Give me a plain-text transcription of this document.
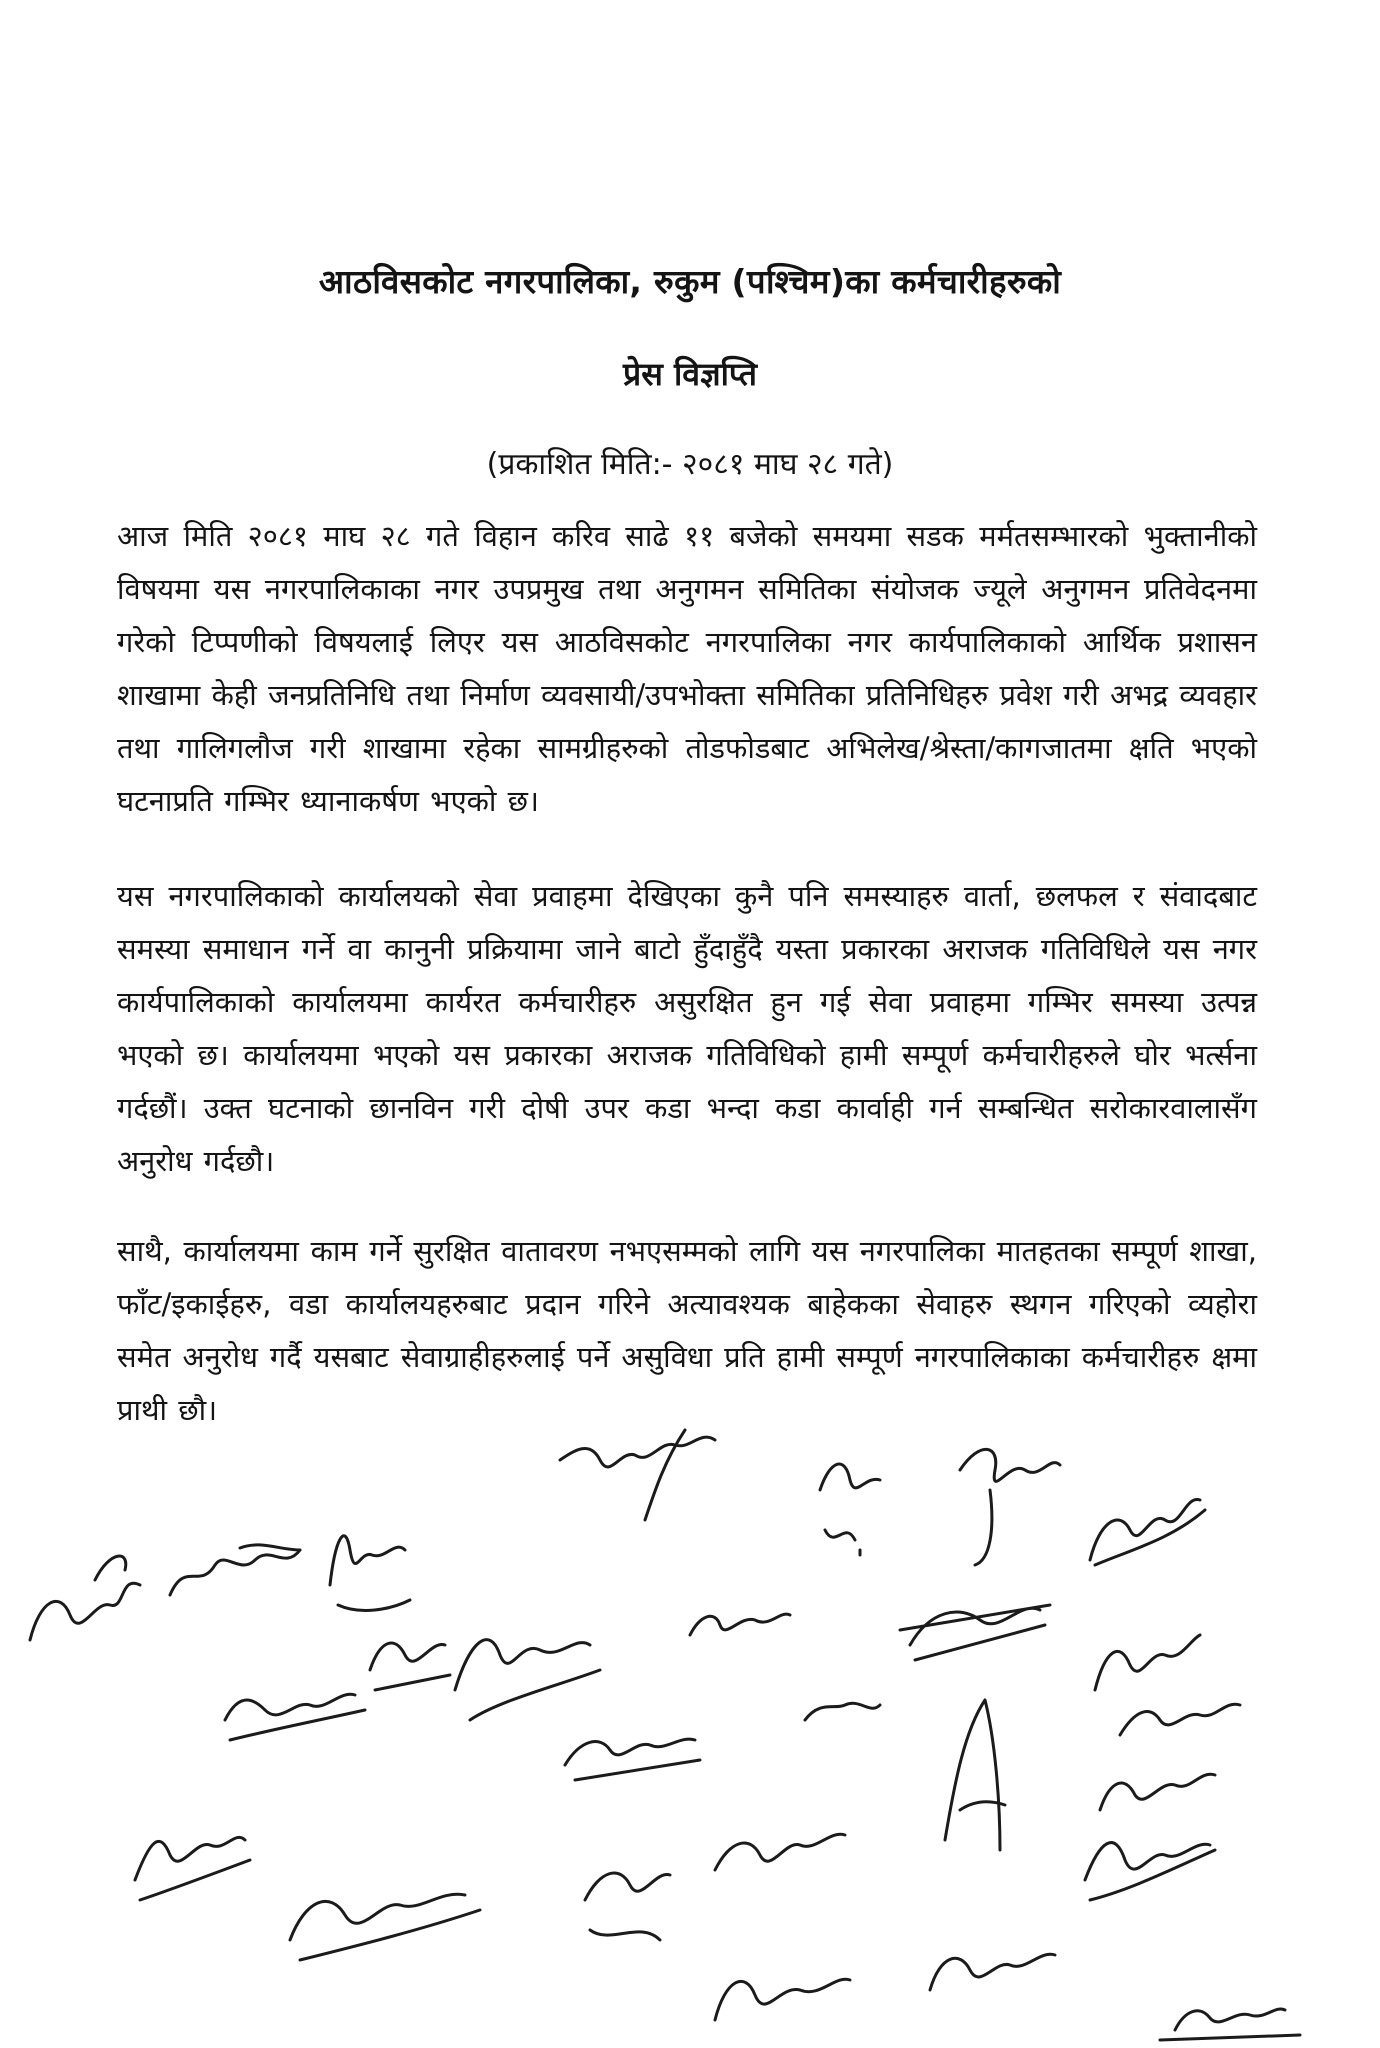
आठविसकोट नगरपालिका, रुकुम (पश्चिम)का कर्मचारीहरुको
प्रेस विज्ञप्ति
(प्रकाशित मिति:- २०८१ माघ २८ गते)
आज मिति २०८१ माघ २८ गते विहान करिव साढे ११ बजेको समयमा सडक मर्मतसम्भारको भुक्तानीको विषयमा यस नगरपालिकाका नगर उपप्रमुख तथा अनुगमन समितिका संयोजक ज्यूले अनुगमन प्रतिवेदनमा गरेको टिप्पणीको विषयलाई लिएर यस आठविसकोट नगरपालिका नगर कार्यपालिकाको आर्थिक प्रशासन शाखामा केही जनप्रतिनिधि तथा निर्माण व्यवसायी/उपभोक्ता समितिका प्रतिनिधिहरु प्रवेश गरी अभद्र व्यवहार तथा गालिगलौज गरी शाखामा रहेका सामग्रीहरुको तोडफोडबाट अभिलेख/श्रेस्ता/कागजातमा क्षति भएको घटनाप्रति गम्भिर ध्यानाकर्षण भएको छ।
यस नगरपालिकाको कार्यालयको सेवा प्रवाहमा देखिएका कुनै पनि समस्याहरु वार्ता, छलफल र संवादबाट समस्या समाधान गर्ने वा कानुनी प्रक्रियामा जाने बाटो हुँदाहुँदै यस्ता प्रकारका अराजक गतिविधिले यस नगर कार्यपालिकाको कार्यालयमा कार्यरत कर्मचारीहरु असुरक्षित हुन गई सेवा प्रवाहमा गम्भिर समस्या उत्पन्न भएको छ। कार्यालयमा भएको यस प्रकारका अराजक गतिविधिको हामी सम्पूर्ण कर्मचारीहरुले घोर भर्त्सना गर्दछौं। उक्त घटनाको छानविन गरी दोषी उपर कडा भन्दा कडा कार्वाही गर्न सम्बन्धित सरोकारवालासँग अनुरोध गर्दछौ।
साथै, कार्यालयमा काम गर्ने सुरक्षित वातावरण नभएसम्मको लागि यस नगरपालिका मातहतका सम्पूर्ण शाखा, फाँट/इकाईहरु, वडा कार्यालयहरुबाट प्रदान गरिने अत्यावश्यक बाहेकका सेवाहरु स्थगन गरिएको व्यहोरा समेत अनुरोध गर्दै यसबाट सेवाग्राहीहरुलाई पर्ने असुविधा प्रति हामी सम्पूर्ण नगरपालिकाका कर्मचारीहरु क्षमा प्राथी छौ।
